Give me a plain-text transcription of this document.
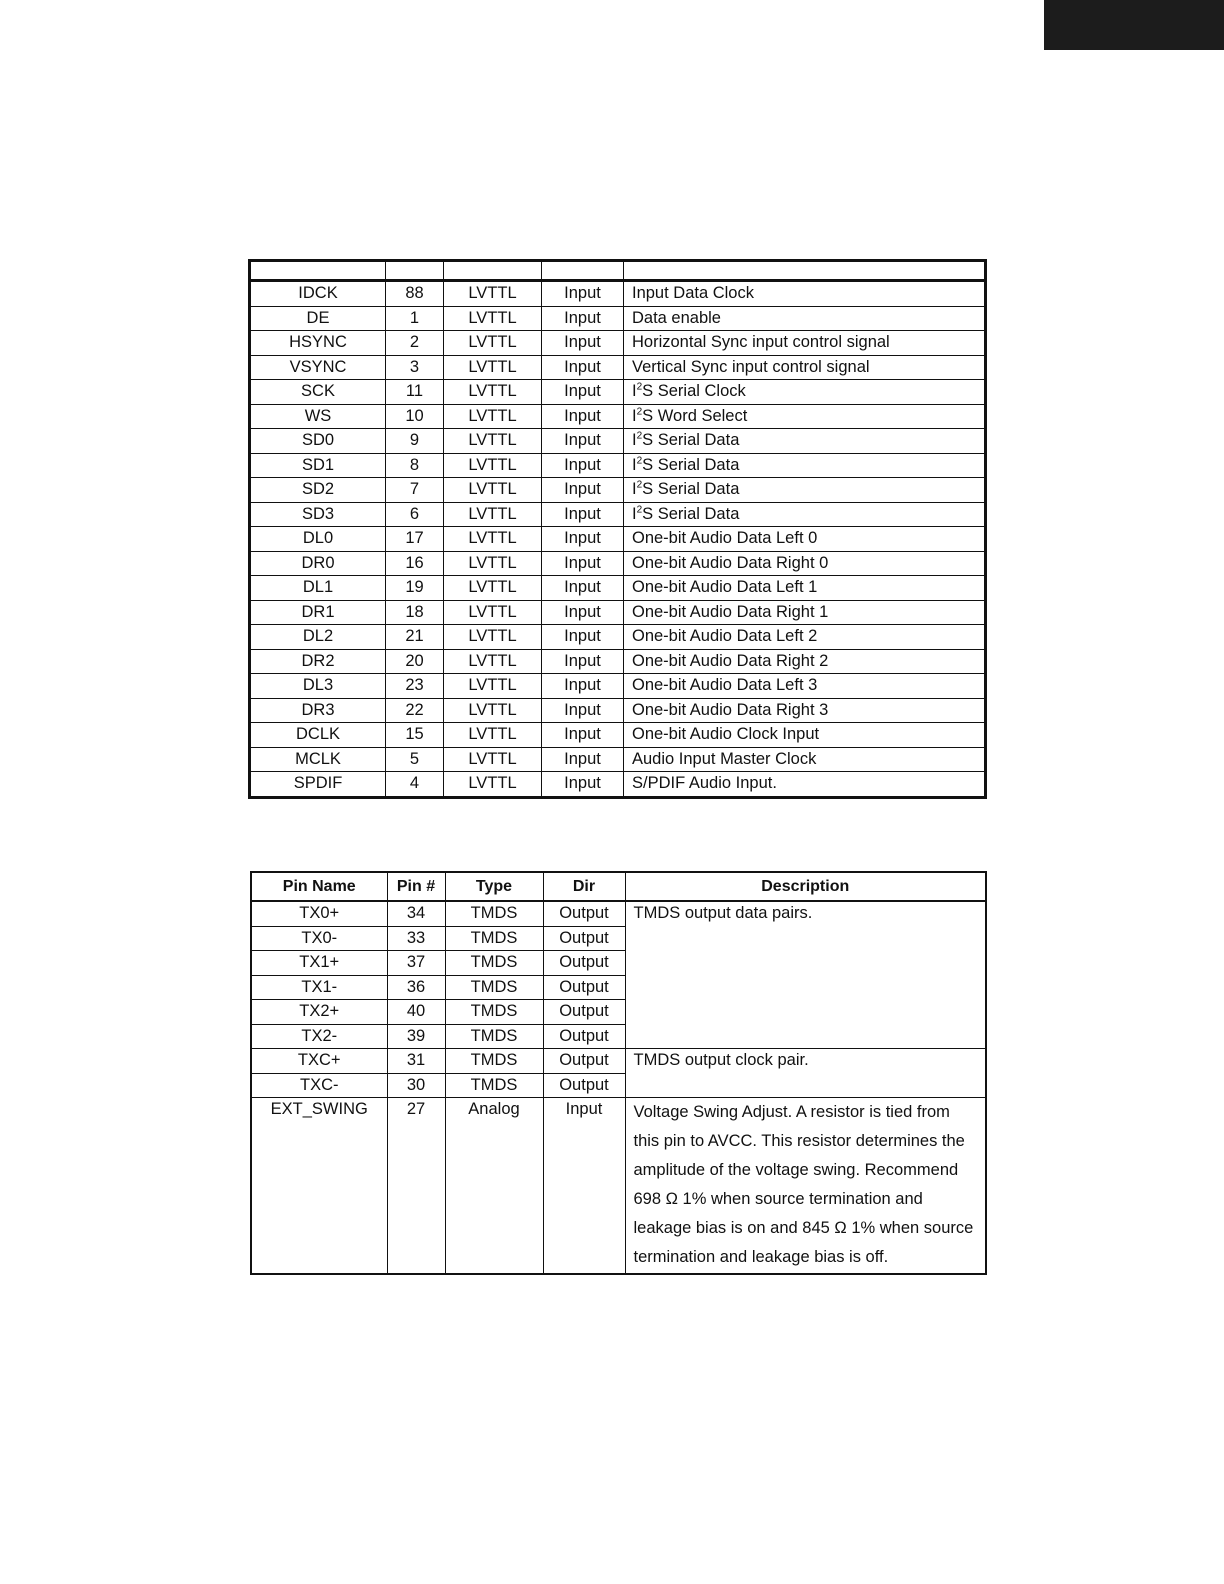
IDCK	88	LVTTL	Input	Input Data Clock
DE	1	LVTTL	Input	Data enable
HSYNC	2	LVTTL	Input	Horizontal Sync input control signal
VSYNC	3	LVTTL	Input	Vertical Sync input control signal
SCK	11	LVTTL	Input	$I^2S$ Serial Clock
WS	10	LVTTL	Input	$I^2S$ Word Select
SD0	9	LVTTL	Input	$I^2S$ Serial Data
SD1	8	LVTTL	Input	$I^2S$ Serial Data
SD2	7	LVTTL	Input	$I^2S$ Serial Data
SD3	6	LVTTL	Input	$I^2S$ Serial Data
DL0	17	LVTTL	Input	One-bit Audio Data Left 0
DR0	16	LVTTL	Input	One-bit Audio Data Right 0
DL1	19	LVTTL	Input	One-bit Audio Data Left 1
DR1	18	LVTTL	Input	One-bit Audio Data Right 1
DL2	21	LVTTL	Input	One-bit Audio Data Left 2
DR2	20	LVTTL	Input	One-bit Audio Data Right 2
DL3	23	LVTTL	Input	One-bit Audio Data Left 3
DR3	22	LVTTL	Input	One-bit Audio Data Right 3
DCLK	15	LVTTL	Input	One-bit Audio Clock Input
MCLK	5	LVTTL	Input	Audio Input Master Clock
SPDIF	4	LVTTL	Input	S/PDIF Audio Input.
Pin Name	Pin #	Type	Dir	Description
TX0+	34	TMDS	Output	TMDS output data pairs.
TX0-	33	TMDS	Output	
TX1+	37	TMDS	Output	
TX1-	36	TMDS	Output	
TX2+	40	TMDS	Output	
TX2-	39	TMDS	Output	
TXC+	31	TMDS	Output	TMDS output clock pair.
TXC-	30	TMDS	Output	
EXT_SWING	27	Analog	Input	Voltage Swing Adjust. A resistor is tied from this pin to AVCC. This resistor determines the amplitude of the voltage swing. Recommend 698 Ω 1% when source termination and leakage bias is on and 845 Ω 1% when source termination and leakage bias is off.
